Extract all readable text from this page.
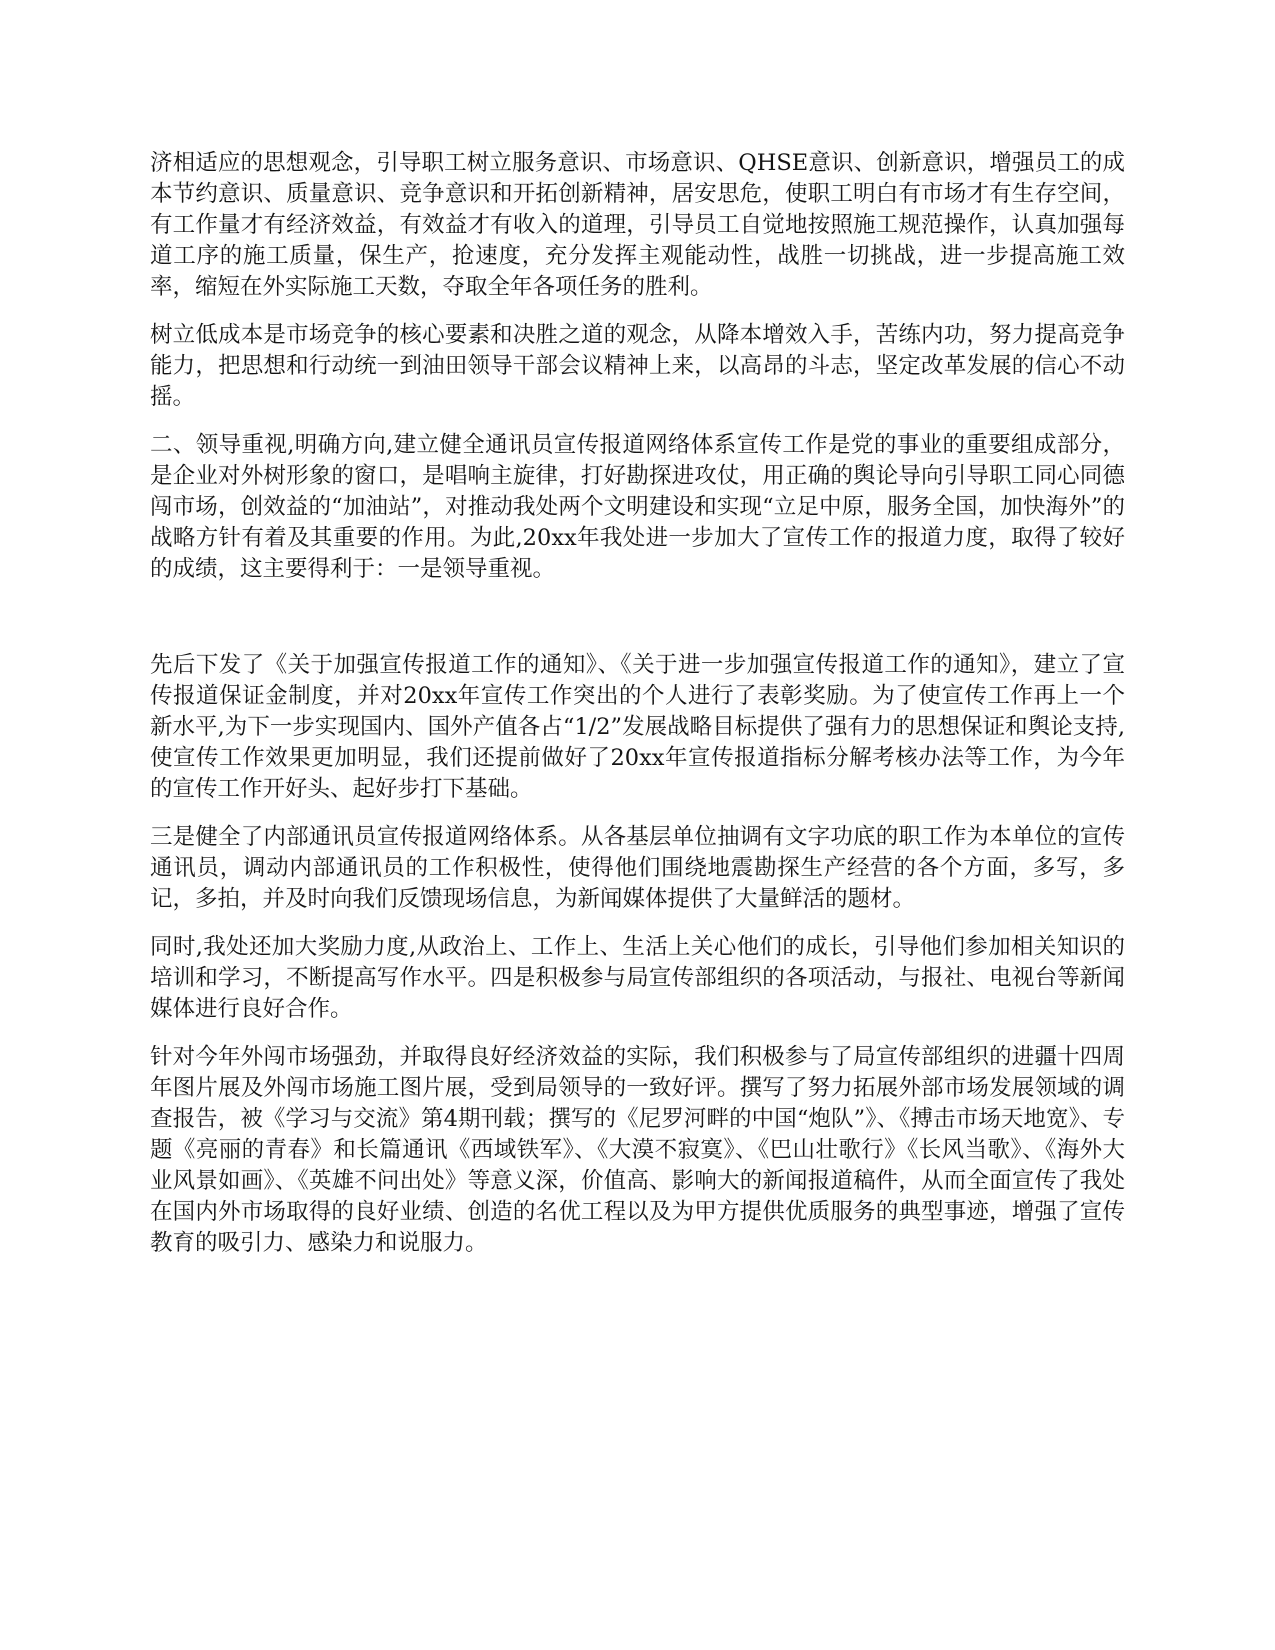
济相适应的思想观念，引导职工树立服务意识、市场意识、QHSE意识、创新意识，增强员工的成本节约意识、质量意识、竞争意识和开拓创新精神，居安思危，使职工明白有市场才有生存空间，有工作量才有经济效益，有效益才有收入的道理，引导员工自觉地按照施工规范操作，认真加强每道工序的施工质量，保生产，抢速度，充分发挥主观能动性，战胜一切挑战，进一步提高施工效率，缩短在外实际施工天数，夺取全年各项任务的胜利。

树立低成本是市场竞争的核心要素和决胜之道的观念，从降本增效入手，苦练内功，努力提高竞争能力，把思想和行动统一到油田领导干部会议精神上来，以高昂的斗志，坚定改革发展的信心不动摇。

二、领导重视,明确方向,建立健全通讯员宣传报道网络体系宣传工作是党的事业的重要组成部分，是企业对外树形象的窗口，是唱响主旋律，打好勘探进攻仗，用正确的舆论导向引导职工同心同德闯市场，创效益的“加油站”，对推动我处两个文明建设和实现“立足中原，服务全国，加快海外”的战略方针有着及其重要的作用。为此,20xx年我处进一步加大了宣传工作的报道力度，取得了较好的成绩，这主要得利于：一是领导重视。

先后下发了《关于加强宣传报道工作的通知》、《关于进一步加强宣传报道工作的通知》，建立了宣传报道保证金制度，并对20xx年宣传工作突出的个人进行了表彰奖励。为了使宣传工作再上一个新水平,为下一步实现国内、国外产值各占“1/2”发展战略目标提供了强有力的思想保证和舆论支持,使宣传工作效果更加明显，我们还提前做好了20xx年宣传报道指标分解考核办法等工作，为今年的宣传工作开好头、起好步打下基础。

三是健全了内部通讯员宣传报道网络体系。从各基层单位抽调有文字功底的职工作为本单位的宣传通讯员，调动内部通讯员的工作积极性，使得他们围绕地震勘探生产经营的各个方面，多写，多记，多拍，并及时向我们反馈现场信息，为新闻媒体提供了大量鲜活的题材。

同时,我处还加大奖励力度,从政治上、工作上、生活上关心他们的成长，引导他们参加相关知识的培训和学习，不断提高写作水平。四是积极参与局宣传部组织的各项活动，与报社、电视台等新闻媒体进行良好合作。

针对今年外闯市场强劲，并取得良好经济效益的实际，我们积极参与了局宣传部组织的进疆十四周年图片展及外闯市场施工图片展，受到局领导的一致好评。撰写了努力拓展外部市场发展领域的调查报告，被《学习与交流》第4期刊载；撰写的《尼罗河畔的中国“炮队”》、《搏击市场天地宽》、专题《亮丽的青春》和长篇通讯《西域铁军》、《大漠不寂寞》、《巴山壮歌行》《长风当歌》、《海外大业风景如画》、《英雄不问出处》等意义深，价值高、影响大的新闻报道稿件，从而全面宣传了我处在国内外市场取得的良好业绩、创造的名优工程以及为甲方提供优质服务的典型事迹，增强了宣传教育的吸引力、感染力和说服力。
